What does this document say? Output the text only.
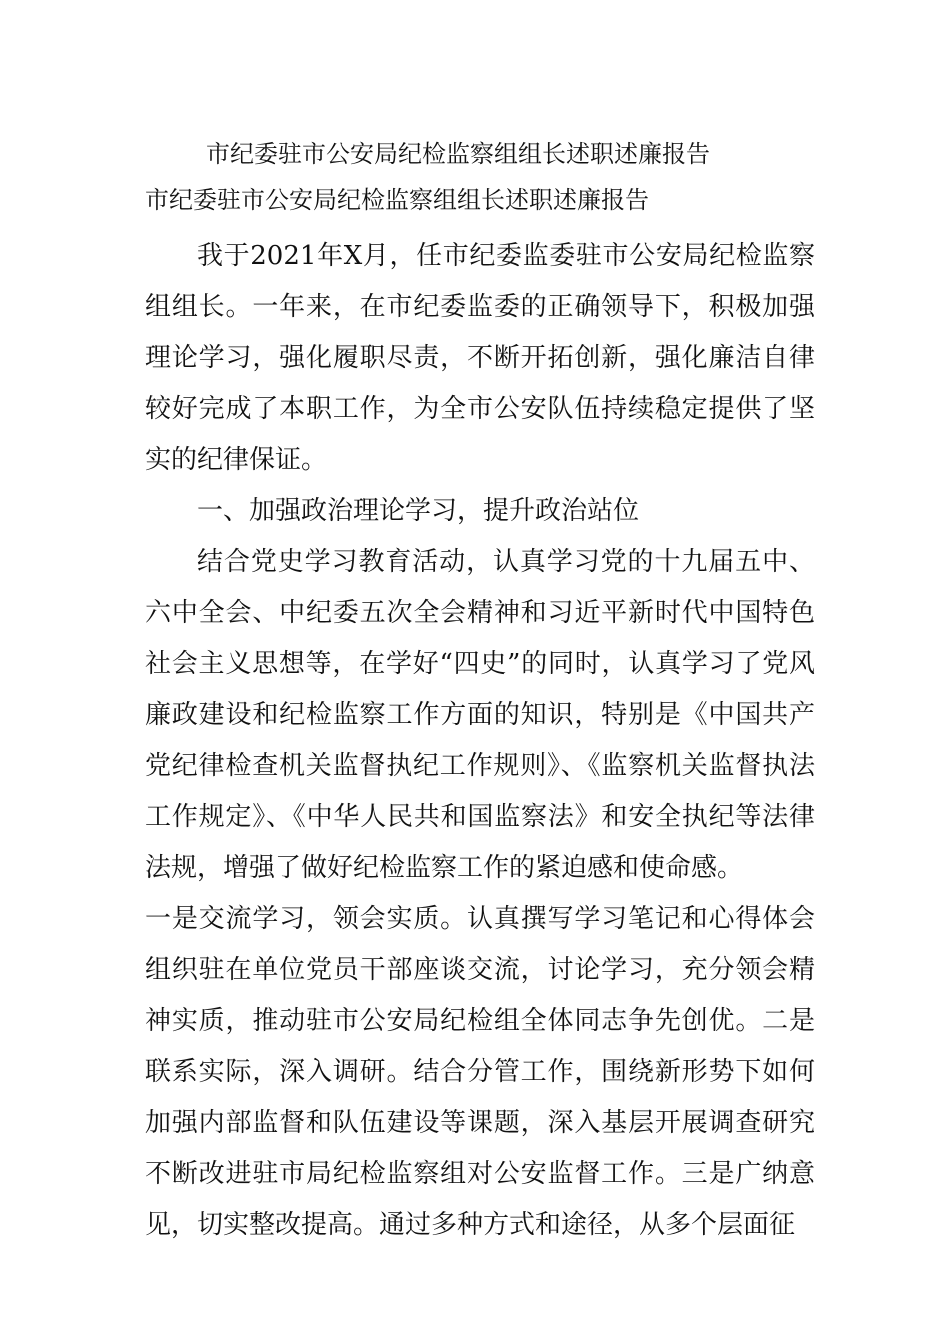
市纪委驻市公安局纪检监察组组长述职述廉报告
市纪委驻市公安局纪检监察组组长述职述廉报告

我于2021年X月，任市纪委监委驻市公安局纪检监察组组长。一年来，在市纪委监委的正确领导下，积极加强理论学习，强化履职尽责，不断开拓创新，强化廉洁自律较好完成了本职工作，为全市公安队伍持续稳定提供了坚实的纪律保证。

一、加强政治理论学习，提升政治站位

结合党史学习教育活动，认真学习党的十九届五中、六中全会、中纪委五次全会精神和习近平新时代中国特色社会主义思想等，在学好“四史”的同时，认真学习了党风廉政建设和纪检监察工作方面的知识，特别是《中国共产党纪律检查机关监督执纪工作规则》、《监察机关监督执法工作规定》、《中华人民共和国监察法》和安全执纪等法律法规，增强了做好纪检监察工作的紧迫感和使命感。

一是交流学习，领会实质。认真撰写学习笔记和心得体会组织驻在单位党员干部座谈交流，讨论学习，充分领会精神实质，推动驻市公安局纪检组全体同志争先创优。二是联系实际，深入调研。结合分管工作，围绕新形势下如何加强内部监督和队伍建设等课题，深入基层开展调查研究不断改进驻市局纪检监察组对公安监督工作。三是广纳意见，切实整改提高。通过多种方式和途径，从多个层面征
